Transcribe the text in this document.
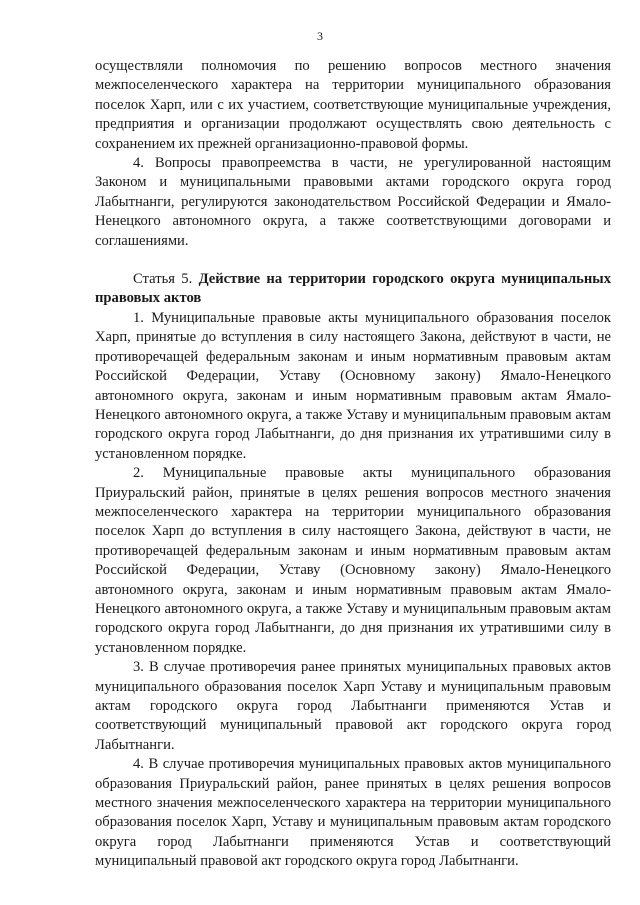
3

осуществляли полномочия по решению вопросов местного значения межпоселенческого характера на территории муниципального образования поселок Харп, или с их участием, соответствующие муниципальные учреждения, предприятия и организации продолжают осуществлять свою деятельность с сохранением их прежней организационно-правовой формы.

4. Вопросы правопреемства в части, не урегулированной настоящим Законом и муниципальными правовыми актами городского округа город Лабытнанги, регулируются законодательством Российской Федерации и Ямало-Ненецкого автономного округа, а также соответствующими договорами и соглашениями.

Статья 5. Действие на территории городского округа муниципальных правовых актов

1. Муниципальные правовые акты муниципального образования поселок Харп, принятые до вступления в силу настоящего Закона, действуют в части, не противоречащей федеральным законам и иным нормативным правовым актам Российской Федерации, Уставу (Основному закону) Ямало-Ненецкого автономного округа, законам и иным нормативным правовым актам Ямало-Ненецкого автономного округа, а также Уставу и муниципальным правовым актам городского округа город Лабытнанги, до дня признания их утратившими силу в установленном порядке.

2. Муниципальные правовые акты муниципального образования Приуральский район, принятые в целях решения вопросов местного значения межпоселенческого характера на территории муниципального образования поселок Харп до вступления в силу настоящего Закона, действуют в части, не противоречащей федеральным законам и иным нормативным правовым актам Российской Федерации, Уставу (Основному закону) Ямало-Ненецкого автономного округа, законам и иным нормативным правовым актам Ямало-Ненецкого автономного округа, а также Уставу и муниципальным правовым актам городского округа город Лабытнанги, до дня признания их утратившими силу в установленном порядке.

3. В случае противоречия ранее принятых муниципальных правовых актов муниципального образования поселок Харп Уставу и муниципальным правовым актам городского округа город Лабытнанги применяются Устав и соответствующий муниципальный правовой акт городского округа город Лабытнанги.

4. В случае противоречия муниципальных правовых актов муниципального образования Приуральский район, ранее принятых в целях решения вопросов местного значения межпоселенческого характера на территории муниципального образования поселок Харп, Уставу и муниципальным правовым актам городского округа город Лабытнанги применяются Устав и соответствующий муниципальный правовой акт городского округа город Лабытнанги.
